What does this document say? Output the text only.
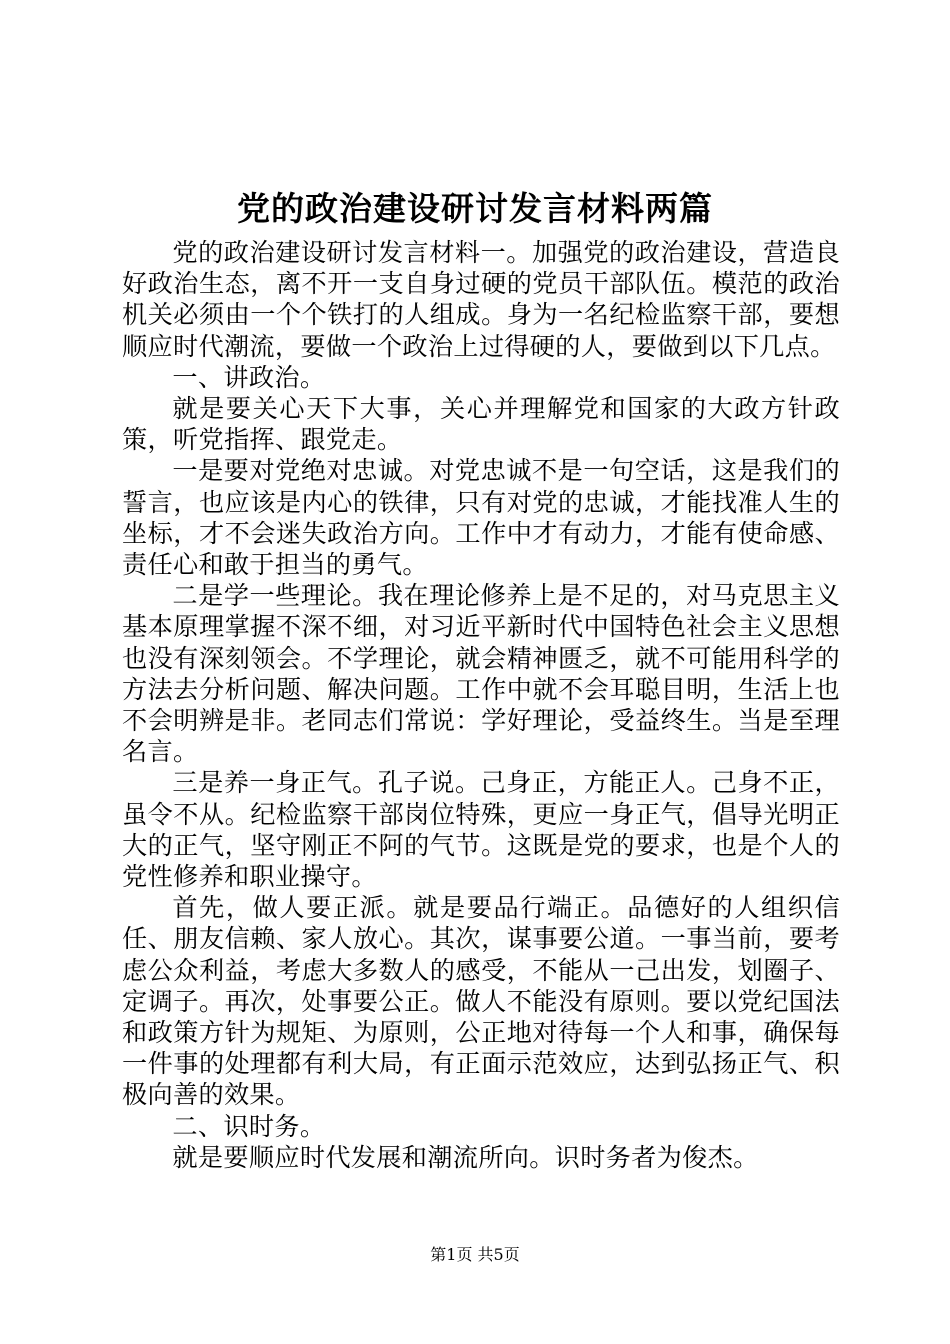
党的政治建设研讨发言材料两篇

党的政治建设研讨发言材料一。加强党的政治建设，营造良好政治生态，离不开一支自身过硬的党员干部队伍。模范的政治机关必须由一个个铁打的人组成。身为一名纪检监察干部，要想顺应时代潮流，要做一个政治上过得硬的人，要做到以下几点。

一、讲政治。

就是要关心天下大事，关心并理解党和国家的大政方针政策，听党指挥、跟党走。

一是要对党绝对忠诚。对党忠诚不是一句空话，这是我们的誓言，也应该是内心的铁律，只有对党的忠诚，才能找准人生的坐标，才不会迷失政治方向。工作中才有动力，才能有使命感、责任心和敢于担当的勇气。

二是学一些理论。我在理论修养上是不足的，对马克思主义基本原理掌握不深不细，对习近平新时代中国特色社会主义思想也没有深刻领会。不学理论，就会精神匮乏，就不可能用科学的方法去分析问题、解决问题。工作中就不会耳聪目明，生活上也不会明辨是非。老同志们常说：学好理论，受益终生。当是至理名言。

三是养一身正气。孔子说。己身正，方能正人。己身不正，虽令不从。纪检监察干部岗位特殊，更应一身正气，倡导光明正大的正气，坚守刚正不阿的气节。这既是党的要求，也是个人的党性修养和职业操守。

首先，做人要正派。就是要品行端正。品德好的人组织信任、朋友信赖、家人放心。其次，谋事要公道。一事当前，要考虑公众利益，考虑大多数人的感受，不能从一己出发，划圈子、定调子。再次，处事要公正。做人不能没有原则。要以党纪国法和政策方针为规矩、为原则，公正地对待每一个人和事，确保每一件事的处理都有利大局，有正面示范效应，达到弘扬正气、积极向善的效果。

二、识时务。

就是要顺应时代发展和潮流所向。识时务者为俊杰。

第1页 共5页
